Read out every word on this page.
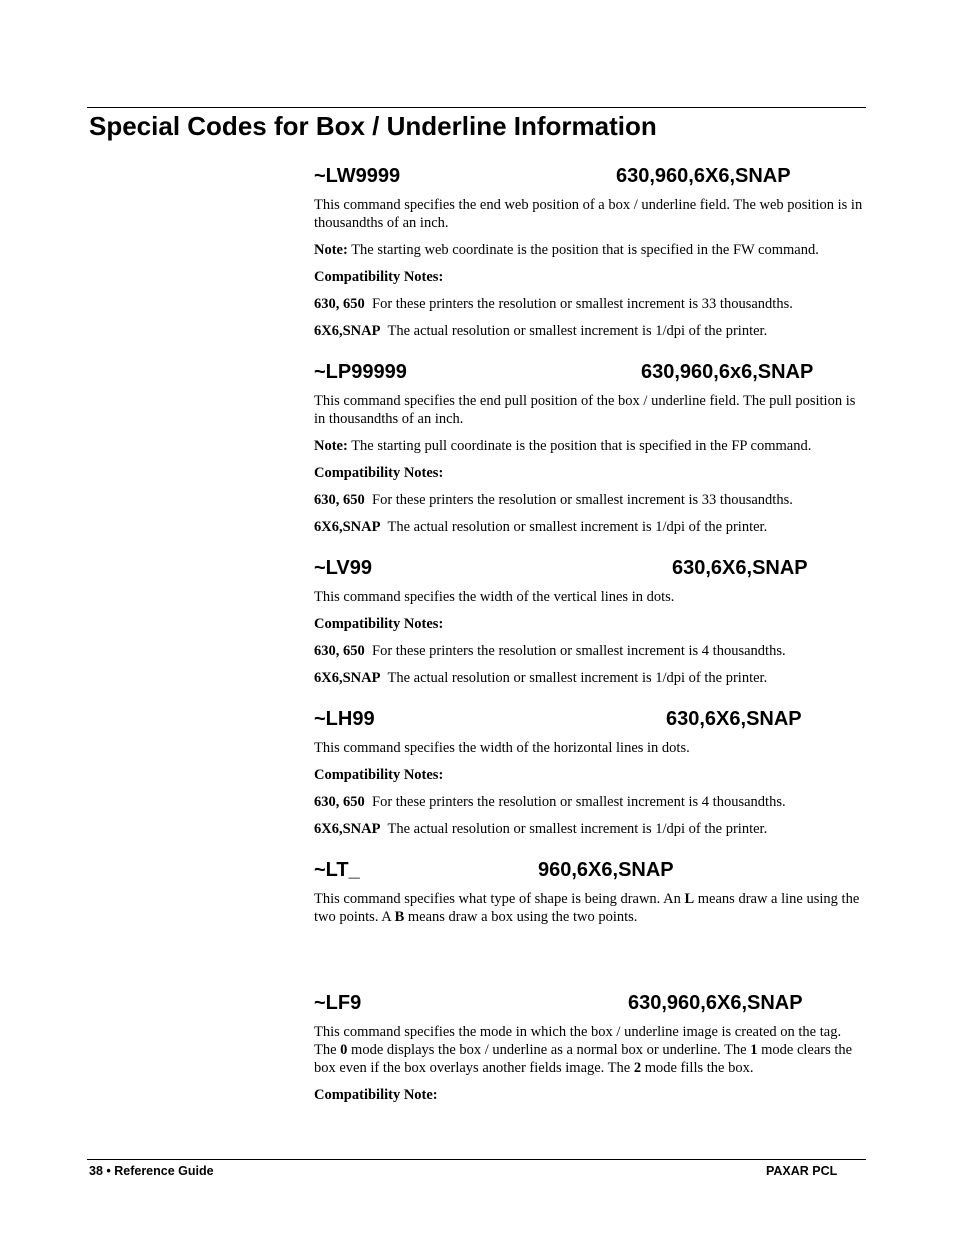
Special Codes for Box / Underline Information
~LW9999	630,960,6X6,SNAP

This command specifies the end web position of a box / underline field. The web position is in thousandths of an inch.

Note: The starting web coordinate is the position that is specified in the FW command.

Compatibility Notes:

630, 650 For these printers the resolution or smallest increment is 33 thousandths.

6X6,SNAP The actual resolution or smallest increment is 1/dpi of the printer.

~LP99999	630,960,6x6,SNAP

This command specifies the end pull position of the box / underline field. The pull position is in thousandths of an inch.

Note: The starting pull coordinate is the position that is specified in the FP command.

Compatibility Notes:

630, 650 For these printers the resolution or smallest increment is 33 thousandths.

6X6,SNAP The actual resolution or smallest increment is 1/dpi of the printer.

~LV99	630,6X6,SNAP

This command specifies the width of the vertical lines in dots.

Compatibility Notes:

630, 650 For these printers the resolution or smallest increment is 4 thousandths.

6X6,SNAP The actual resolution or smallest increment is 1/dpi of the printer.

~LH99	630,6X6,SNAP

This command specifies the width of the horizontal lines in dots.

Compatibility Notes:

630, 650 For these printers the resolution or smallest increment is 4 thousandths.

6X6,SNAP The actual resolution or smallest increment is 1/dpi of the printer.

~LT_	960,6X6,SNAP

This command specifies what type of shape is being drawn. An L means draw a line using the two points. A B means draw a box using the two points.

~LF9	630,960,6X6,SNAP

This command specifies the mode in which the box / underline image is created on the tag. The 0 mode displays the box / underline as a normal box or underline. The 1 mode clears the box even if the box overlays another fields image. The 2 mode fills the box.

Compatibility Note:

38 • Reference Guide	PAXAR PCL
